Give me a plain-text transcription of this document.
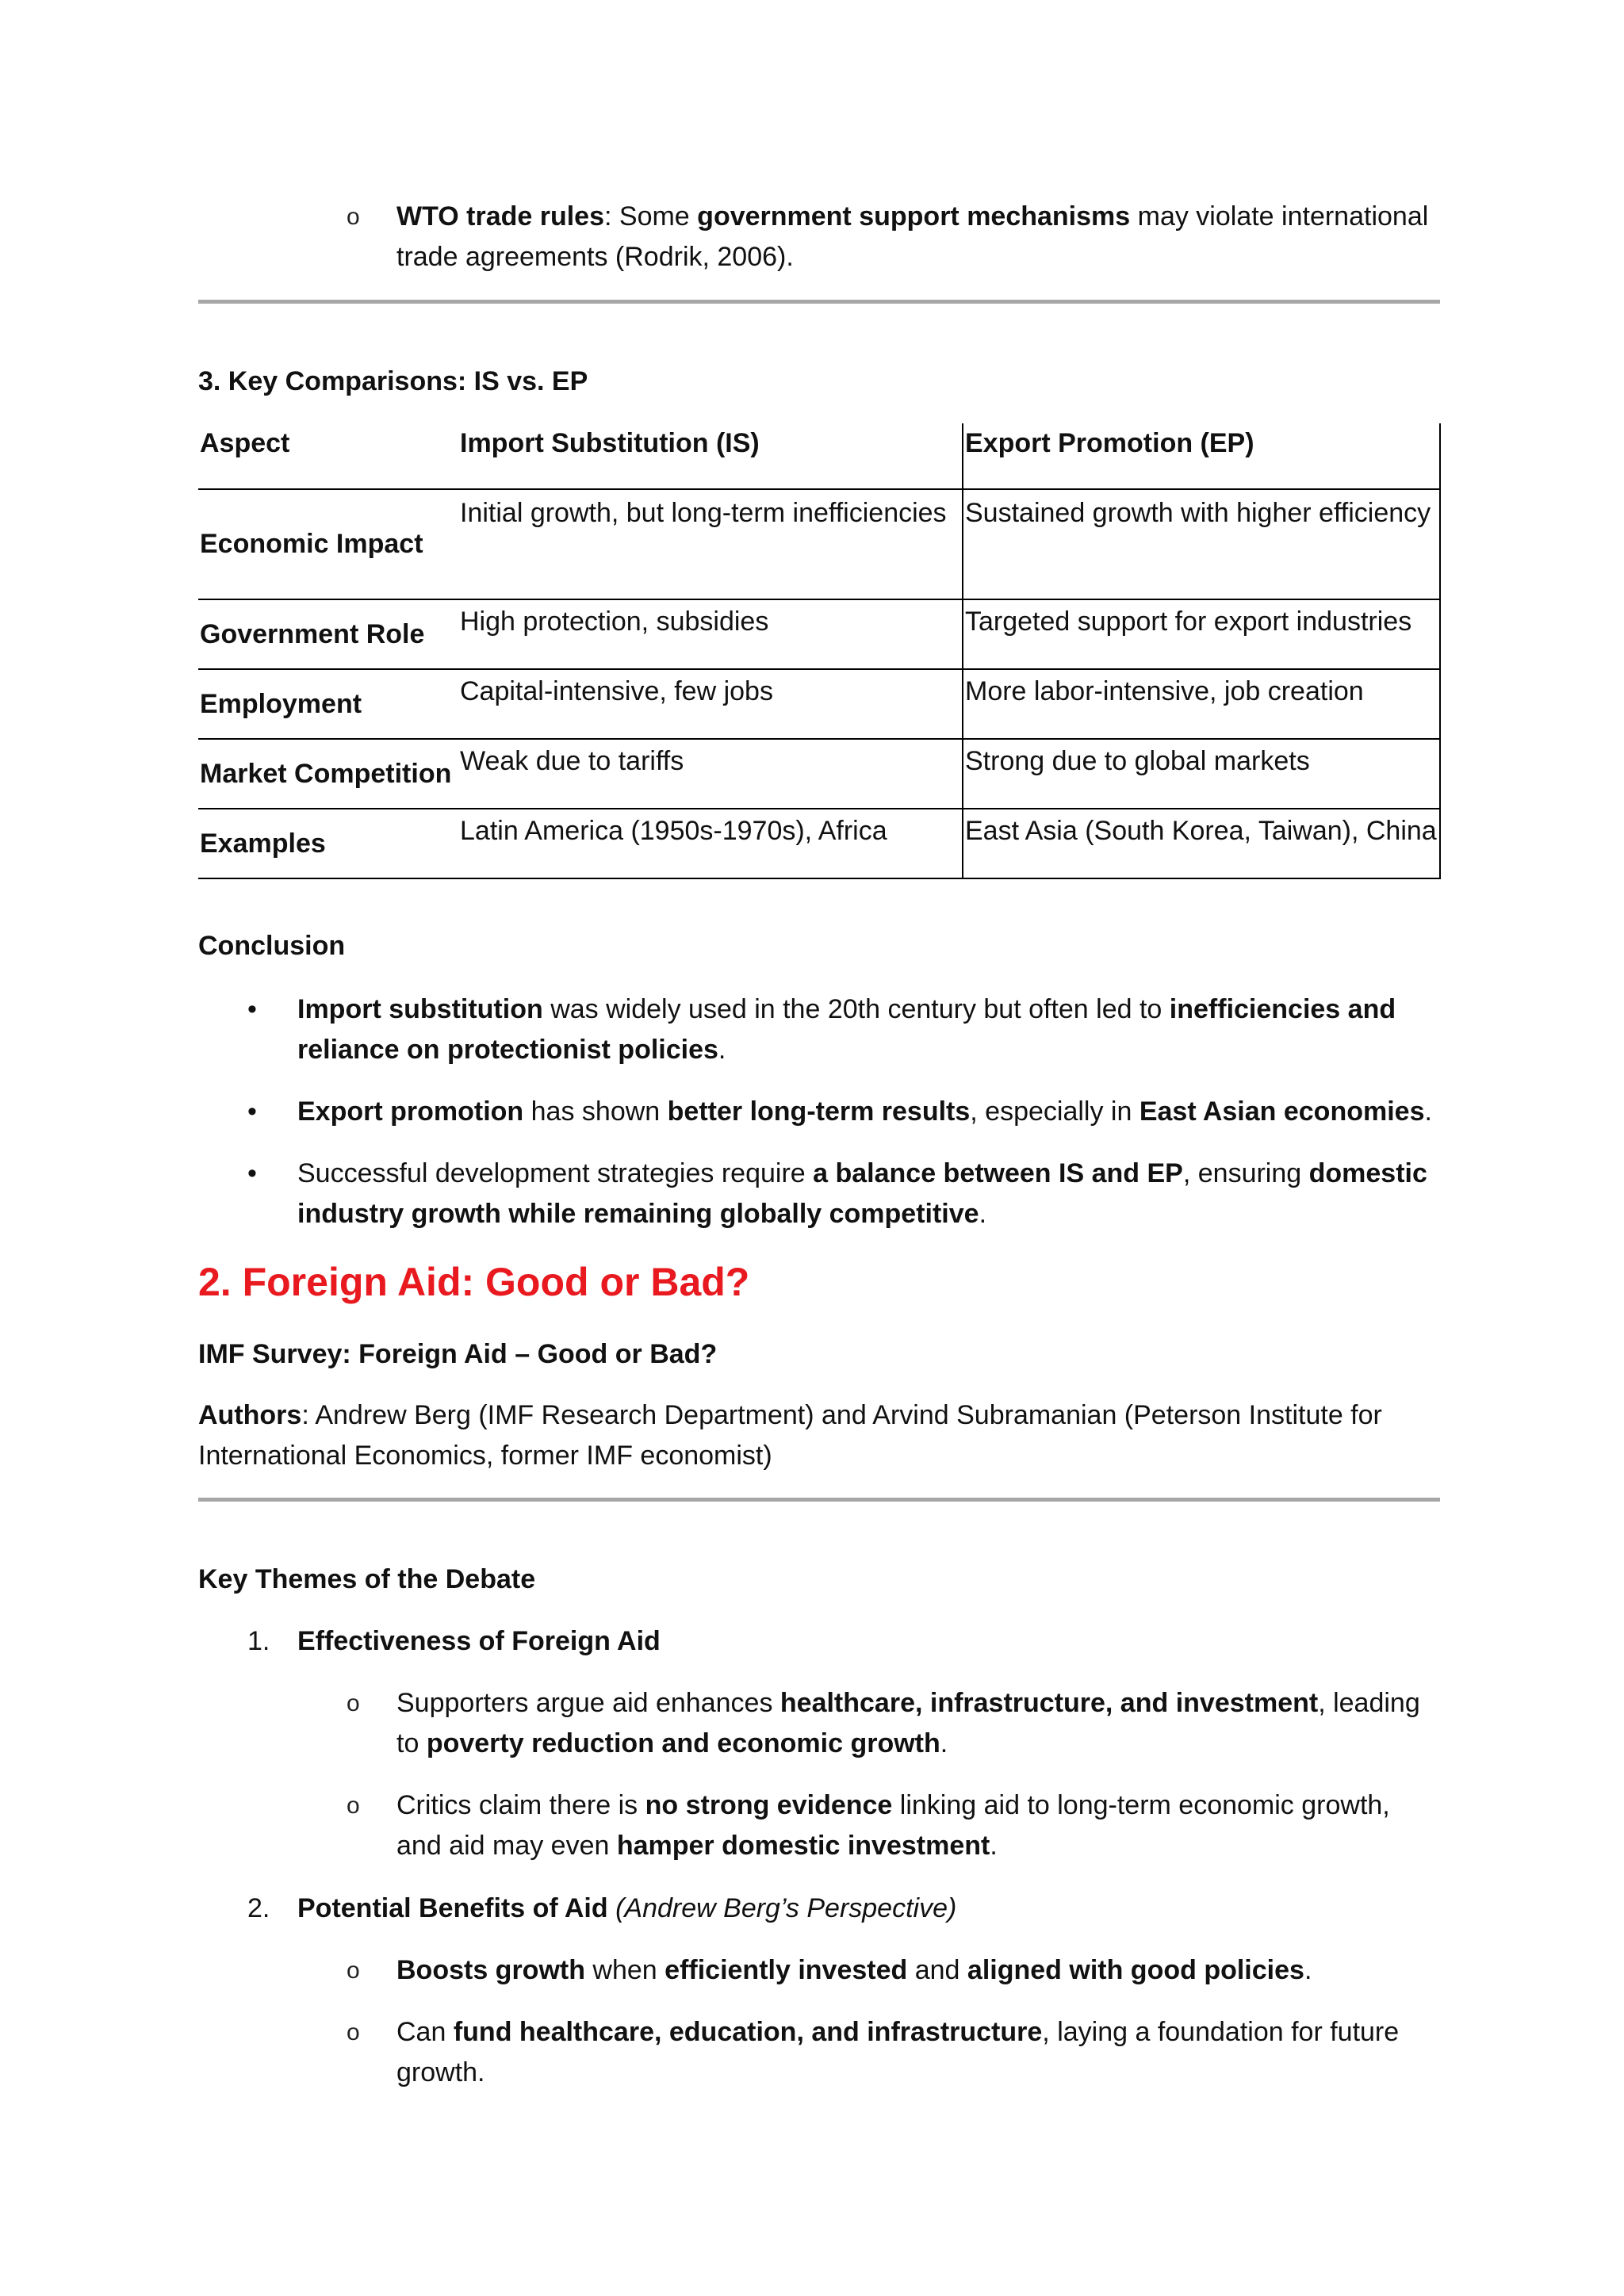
o WTO trade rules: Some government support mechanisms may violate international trade agreements (Rodrik, 2006).
3. Key Comparisons: IS vs. EP
Aspect	Import Substitution (IS)	Export Promotion (EP)
Economic Impact	Initial growth, but long-term inefficiencies	Sustained growth with higher efficiency
Government Role	High protection, subsidies	Targeted support for export industries
Employment	Capital-intensive, few jobs	More labor-intensive, job creation
Market Competition	Weak due to tariffs	Strong due to global markets
Examples	Latin America (1950s-1970s), Africa	East Asia (South Korea, Taiwan), China
Conclusion
• Import substitution was widely used in the 20th century but often led to inefficiencies and reliance on protectionist policies.
• Export promotion has shown better long-term results, especially in East Asian economies.
• Successful development strategies require a balance between IS and EP, ensuring domestic industry growth while remaining globally competitive.
2. Foreign Aid: Good or Bad?
IMF Survey: Foreign Aid – Good or Bad?
Authors: Andrew Berg (IMF Research Department) and Arvind Subramanian (Peterson Institute for International Economics, former IMF economist)
Key Themes of the Debate
1. Effectiveness of Foreign Aid
o Supporters argue aid enhances healthcare, infrastructure, and investment, leading to poverty reduction and economic growth.
o Critics claim there is no strong evidence linking aid to long-term economic growth, and aid may even hamper domestic investment.
2. Potential Benefits of Aid (Andrew Berg’s Perspective)
o Boosts growth when efficiently invested and aligned with good policies.
o Can fund healthcare, education, and infrastructure, laying a foundation for future growth.
